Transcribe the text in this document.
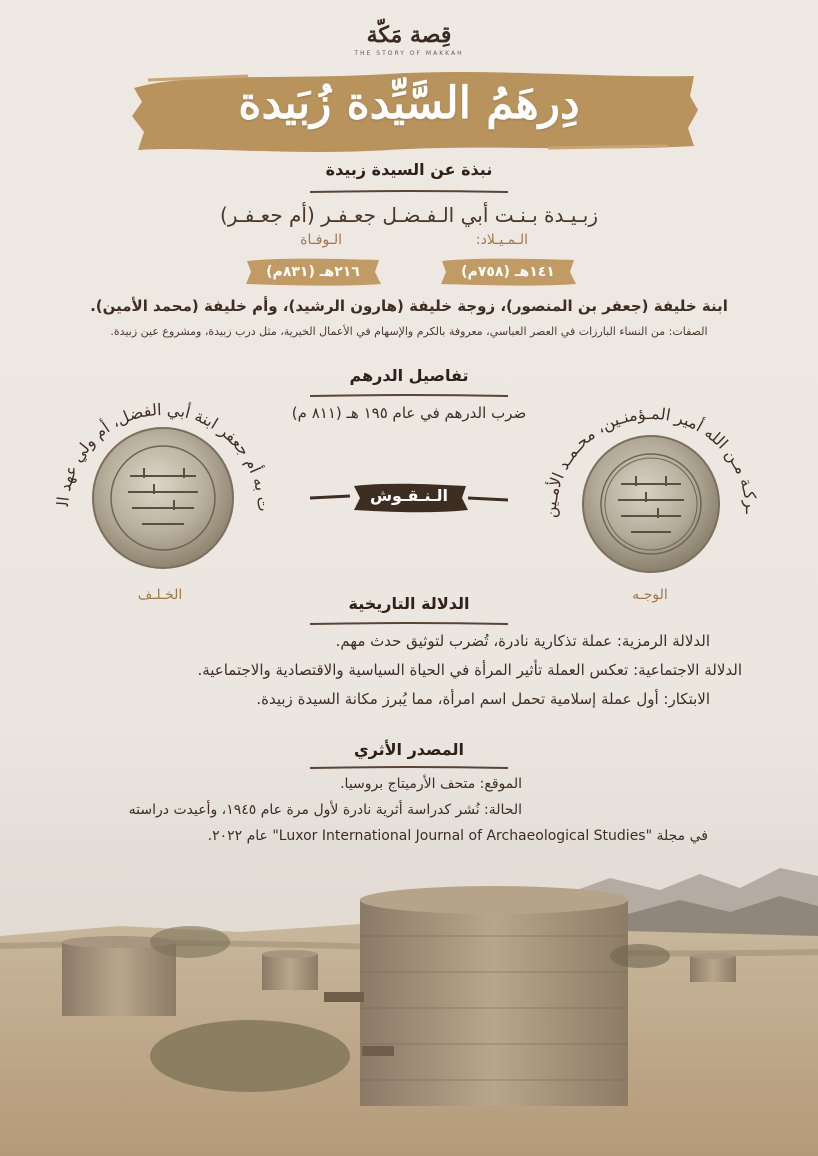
قِصة مَكّة
THE STORY OF MAKKAH
دِرهَمُ السَّيِّدة زُبَيدة
نبذة عن السيدة زبيدة
زبـيـدة بـنـت أبي الـفـضـل جعـفـر (أم جعـفـر)
الـمـيـلاد:
الـوفـاة
١٤١هـ (٧٥٨م)
٢١٦هـ (٨٣١م)
ابنة خليفة (جعفر بن المنصور)، زوجة خليفة (هارون الرشيد)، وأم خليفة (محمد الأمين).
الصفات: من النساء البارزات في العصر العباسي، معروفة بالكرم والإسهام في الأعمال الخيرية، مثل درب زبيدة، ومشروع عين زبيدة.
تفاصيل الدرهم
ضرب الدرهم في عام ١٩٥ هـ (٨١١ م)
الـنـقـوش
ـركـة مـن الله أمير المـؤمنـين، محـمـد الأمـين
الوجـه
ت به أم جعفر ابنة أبي الفضل، أم ولي عهد ال
الخـلـف	الدلالة التاريخية
الدلالة الرمزية: عملة تذكارية نادرة، تُضرب لتوثيق حدث مهم.
الدلالة الاجتماعية: تعكس العملة تأثير المرأة في الحياة السياسية والاقتصادية والاجتماعية.
الابتكار: أول عملة إسلامية تحمل اسم امرأة، مما يُبرز مكانة السيدة زبيدة.
المصدر الأثري
الموقع: متحف الأرميتاج بروسيا.
الحالة: نُشر كدراسة أثرية نادرة لأول مرة عام ١٩٤٥، وأعيدت دراسته
في مجلة "Luxor International Journal of Archaeological Studies" عام ٢٠٢٢.
